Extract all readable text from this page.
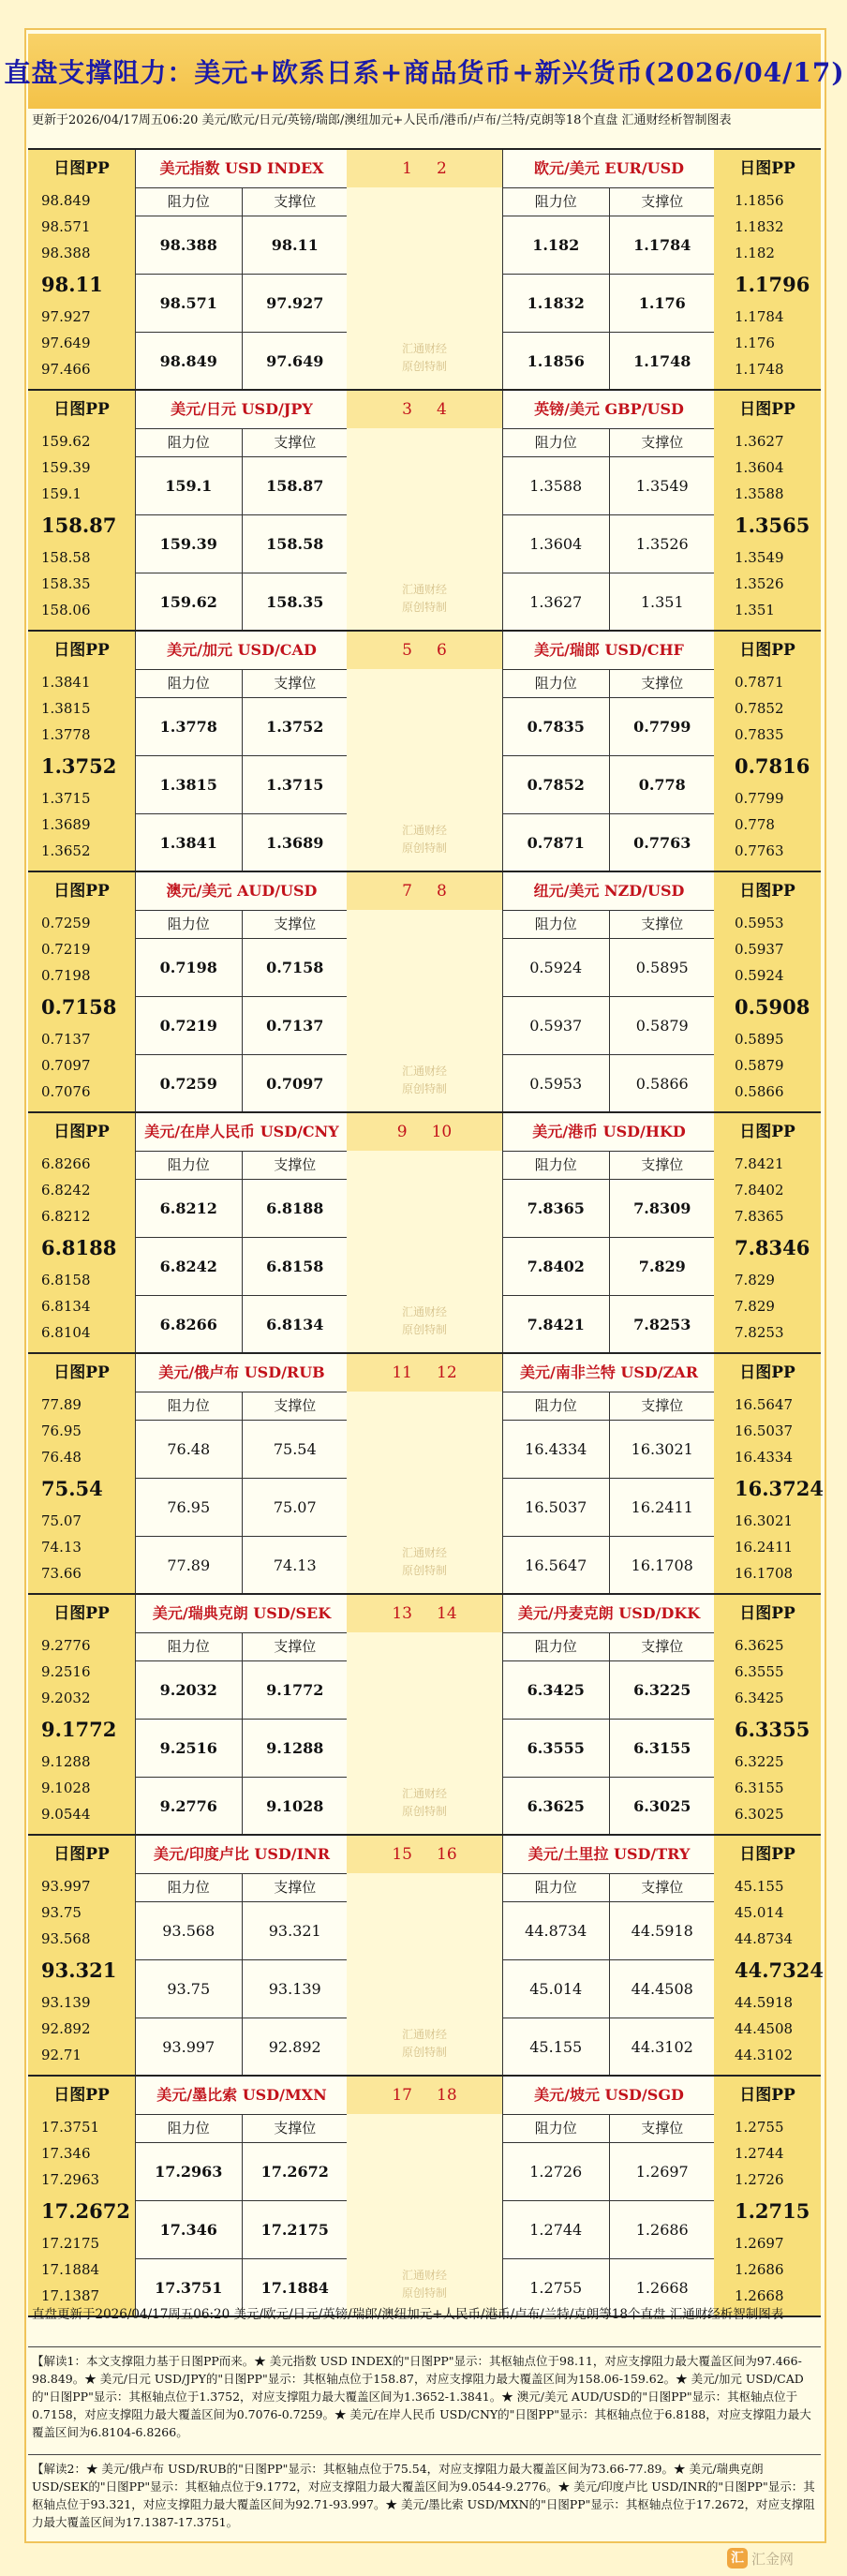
直盘支撑阻力：美元+欧系日系+商品货币+新兴货币(2026/04/17)
更新于2026/04/17周五06:20 美元/欧元/日元/英镑/瑞郎/澳纽加元+人民币/港币/卢布/兰特/克朗等18个直盘 汇通财经析智制图表
日图PP
98.849
98.571
98.388
98.11
97.927
97.649
97.466
美元指数 USD INDEX
阻力位	支撑位
98.388	98.11
98.571	97.927
98.849	97.649
1 2
汇通财经
原创特制
欧元/美元 EUR/USD
阻力位	支撑位
1.182	1.1784
1.1832	1.176
1.1856	1.1748
日图PP
1.1856
1.1832
1.182
1.1796
1.1784
1.176
1.1748
日图PP
159.62
159.39
159.1
158.87
158.58
158.35
158.06
美元/日元 USD/JPY
阻力位	支撑位
159.1	158.87
159.39	158.58
159.62	158.35
3 4
汇通财经
原创特制
英镑/美元 GBP/USD
阻力位	支撑位
1.3588	1.3549
1.3604	1.3526
1.3627	1.351
日图PP
1.3627
1.3604
1.3588
1.3565
1.3549
1.3526
1.351
日图PP
1.3841
1.3815
1.3778
1.3752
1.3715
1.3689
1.3652
美元/加元 USD/CAD
阻力位	支撑位
1.3778	1.3752
1.3815	1.3715
1.3841	1.3689
5 6
汇通财经
原创特制
美元/瑞郎 USD/CHF
阻力位	支撑位
0.7835	0.7799
0.7852	0.778
0.7871	0.7763
日图PP
0.7871
0.7852
0.7835
0.7816
0.7799
0.778
0.7763
日图PP
0.7259
0.7219
0.7198
0.7158
0.7137
0.7097
0.7076
澳元/美元 AUD/USD
阻力位	支撑位
0.7198	0.7158
0.7219	0.7137
0.7259	0.7097
7 8
汇通财经
原创特制
纽元/美元 NZD/USD
阻力位	支撑位
0.5924	0.5895
0.5937	0.5879
0.5953	0.5866
日图PP
0.5953
0.5937
0.5924
0.5908
0.5895
0.5879
0.5866
日图PP
6.8266
6.8242
6.8212
6.8188
6.8158
6.8134
6.8104
美元/在岸人民币 USD/CNY
阻力位	支撑位
6.8212	6.8188
6.8242	6.8158
6.8266	6.8134
9 10
汇通财经
原创特制
美元/港币 USD/HKD
阻力位	支撑位
7.8365	7.8309
7.8402	7.829
7.8421	7.8253
日图PP
7.8421
7.8402
7.8365
7.8346
7.829
7.829
7.8253
日图PP
77.89
76.95
76.48
75.54
75.07
74.13
73.66
美元/俄卢布 USD/RUB
阻力位	支撑位
76.48	75.54
76.95	75.07
77.89	74.13
11 12
汇通财经
原创特制
美元/南非兰特 USD/ZAR
阻力位	支撑位
16.4334	16.3021
16.5037	16.2411
16.5647	16.1708
日图PP
16.5647
16.5037
16.4334
16.3724
16.3021
16.2411
16.1708
日图PP
9.2776
9.2516
9.2032
9.1772
9.1288
9.1028
9.0544
美元/瑞典克朗 USD/SEK
阻力位	支撑位
9.2032	9.1772
9.2516	9.1288
9.2776	9.1028
13 14
汇通财经
原创特制
美元/丹麦克朗 USD/DKK
阻力位	支撑位
6.3425	6.3225
6.3555	6.3155
6.3625	6.3025
日图PP
6.3625
6.3555
6.3425
6.3355
6.3225
6.3155
6.3025
日图PP
93.997
93.75
93.568
93.321
93.139
92.892
92.71
美元/印度卢比 USD/INR
阻力位	支撑位
93.568	93.321
93.75	93.139
93.997	92.892
15 16
汇通财经
原创特制
美元/土里拉 USD/TRY
阻力位	支撑位
44.8734	44.5918
45.014	44.4508
45.155	44.3102
日图PP
45.155
45.014
44.8734
44.7324
44.5918
44.4508
44.3102
日图PP
17.3751
17.346
17.2963
17.2672
17.2175
17.1884
17.1387
美元/墨比索 USD/MXN
阻力位	支撑位
17.2963	17.2672
17.346	17.2175
17.3751	17.1884
17 18
汇通财经
原创特制
美元/坡元 USD/SGD
阻力位	支撑位
1.2726	1.2697
1.2744	1.2686
1.2755	1.2668
日图PP
1.2755
1.2744
1.2726
1.2715
1.2697
1.2686
1.2668
直盘更新于2026/04/17周五06:20 美元/欧元/日元/英镑/瑞郎/澳纽加元+人民币/港币/卢布/兰特/克朗等18个直盘 汇通财经析智制图表
【解读1：本文支撑阻力基于日图PP而来。★ 美元指数 USD INDEX的"日图PP"显示：其枢轴点位于98.11，对应支撑阻力最大覆盖区间为97.466-98.849。★ 美元/日元 USD/JPY的"日图PP"显示：其枢轴点位于158.87，对应支撑阻力最大覆盖区间为158.06-159.62。★ 美元/加元 USD/CAD的"日图PP"显示：其枢轴点位于1.3752，对应支撑阻力最大覆盖区间为1.3652-1.3841。★ 澳元/美元 AUD/USD的"日图PP"显示：其枢轴点位于0.7158，对应支撑阻力最大覆盖区间为0.7076-0.7259。★ 美元/在岸人民币 USD/CNY的"日图PP"显示：其枢轴点位于6.8188，对应支撑阻力最大覆盖区间为6.8104-6.8266。
【解读2：★ 美元/俄卢布 USD/RUB的"日图PP"显示：其枢轴点位于75.54，对应支撑阻力最大覆盖区间为73.66-77.89。★ 美元/瑞典克朗 USD/SEK的"日图PP"显示：其枢轴点位于9.1772，对应支撑阻力最大覆盖区间为9.0544-9.2776。★ 美元/印度卢比 USD/INR的"日图PP"显示：其枢轴点位于93.321，对应支撑阻力最大覆盖区间为92.71-93.997。★ 美元/墨比索 USD/MXN的"日图PP"显示：其枢轴点位于17.2672，对应支撑阻力最大覆盖区间为17.1387-17.3751。
汇 汇金网
